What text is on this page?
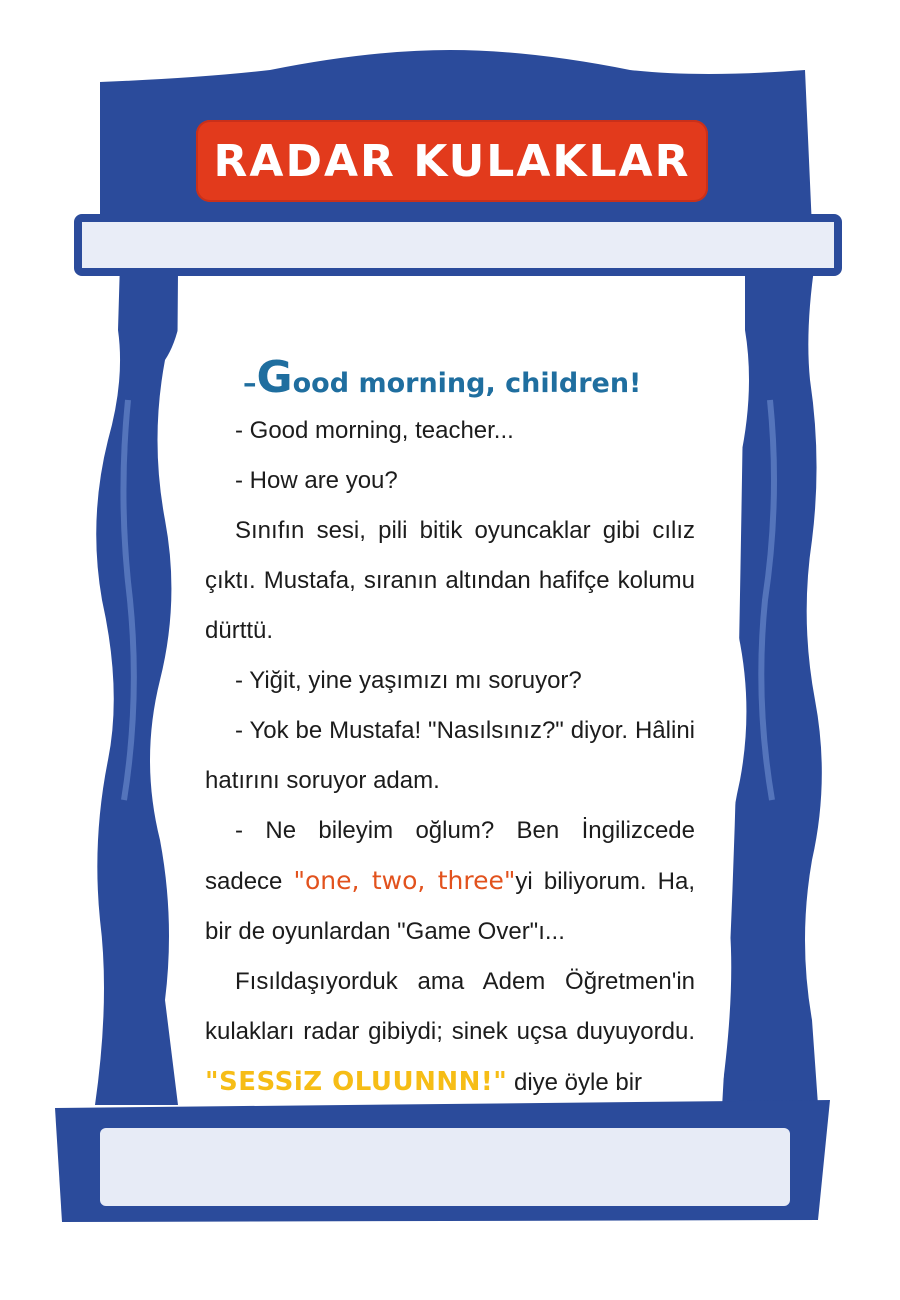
RADAR KULAKLAR
–Good morning, children!

- Good morning, teacher...

- How are you?

Sınıfın sesi, pili bitik oyuncaklar gibi cılız çıktı. Mustafa, sıranın altından hafifçe kolumu dürttü.

- Yiğit, yine yaşımızı mı soruyor?

- Yok be Mustafa! "Nasılsınız?" diyor. Hâlini hatırını soruyor adam.

- Ne bileyim oğlum? Ben İngilizcede sadece "one, two, three"yi biliyorum. Ha, bir de oyunlardan "Game Over"ı...

Fısıldaşıyorduk ama Adem Öğretmen'in kulakları radar gibiydi; sinek uçsa duyuyordu. "SESSiZ OLUUNNN!" diye öyle bir
